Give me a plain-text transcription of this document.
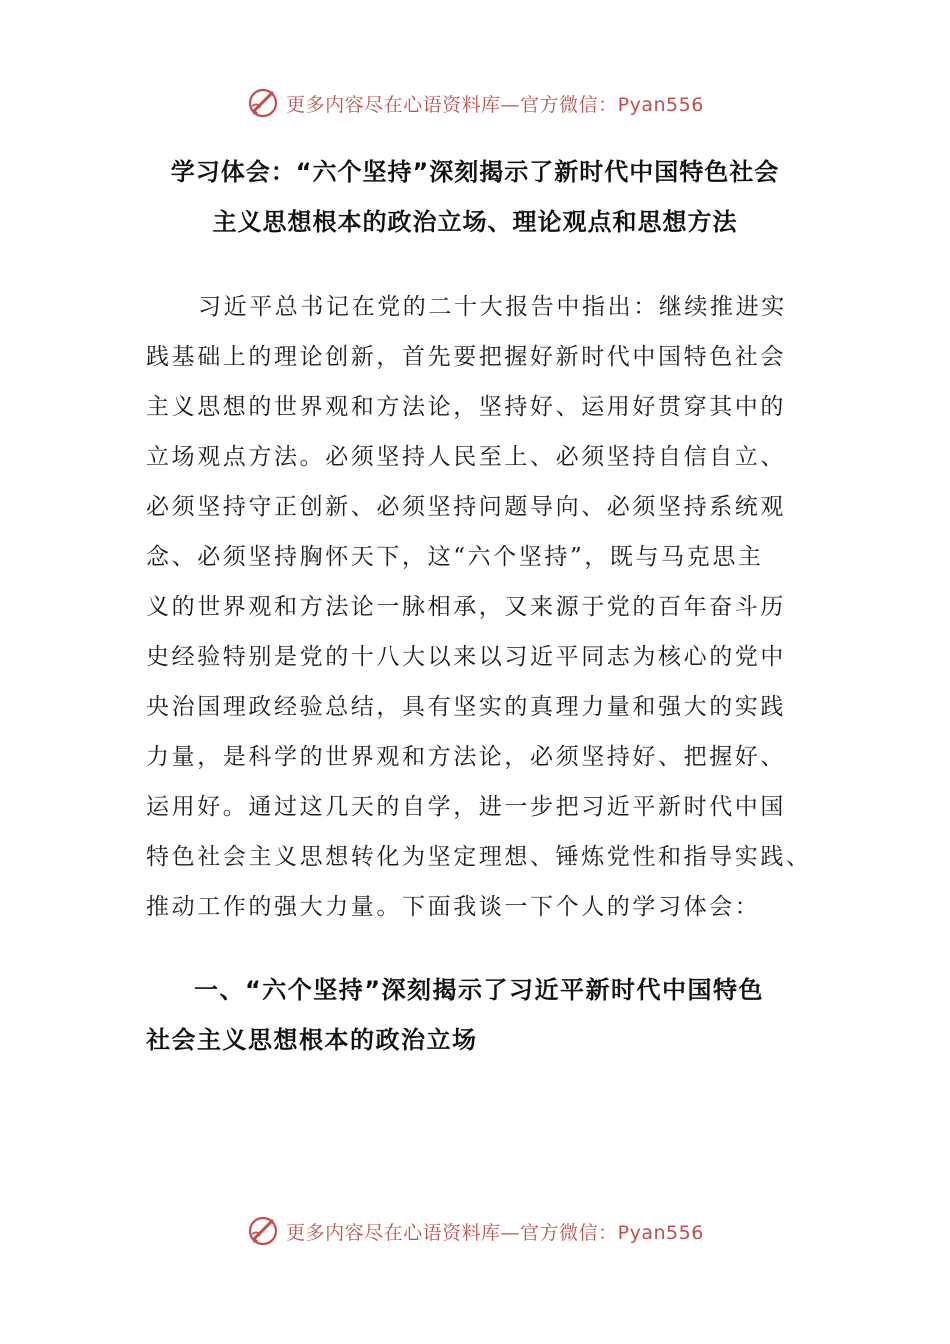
更多内容尽在心语资料库—官方微信：Pyan556
学习体会：“六个坚持”深刻揭示了新时代中国特色社会
主义思想根本的政治立场、理论观点和思想方法
习近平总书记在党的二十大报告中指出：继续推进实
践基础上的理论创新，首先要把握好新时代中国特色社会
主义思想的世界观和方法论，坚持好、运用好贯穿其中的
立场观点方法。必须坚持人民至上、必须坚持自信自立、
必须坚持守正创新、必须坚持问题导向、必须坚持系统观
念、必须坚持胸怀天下，这“六个坚持”，既与马克思主
义的世界观和方法论一脉相承，又来源于党的百年奋斗历
史经验特别是党的十八大以来以习近平同志为核心的党中
央治国理政经验总结，具有坚实的真理力量和强大的实践
力量，是科学的世界观和方法论，必须坚持好、把握好、
运用好。通过这几天的自学，进一步把习近平新时代中国
特色社会主义思想转化为坚定理想、锤炼党性和指导实践、
推动工作的强大力量。下面我谈一下个人的学习体会：
一、“六个坚持”深刻揭示了习近平新时代中国特色
社会主义思想根本的政治立场
更多内容尽在心语资料库—官方微信：Pyan556
